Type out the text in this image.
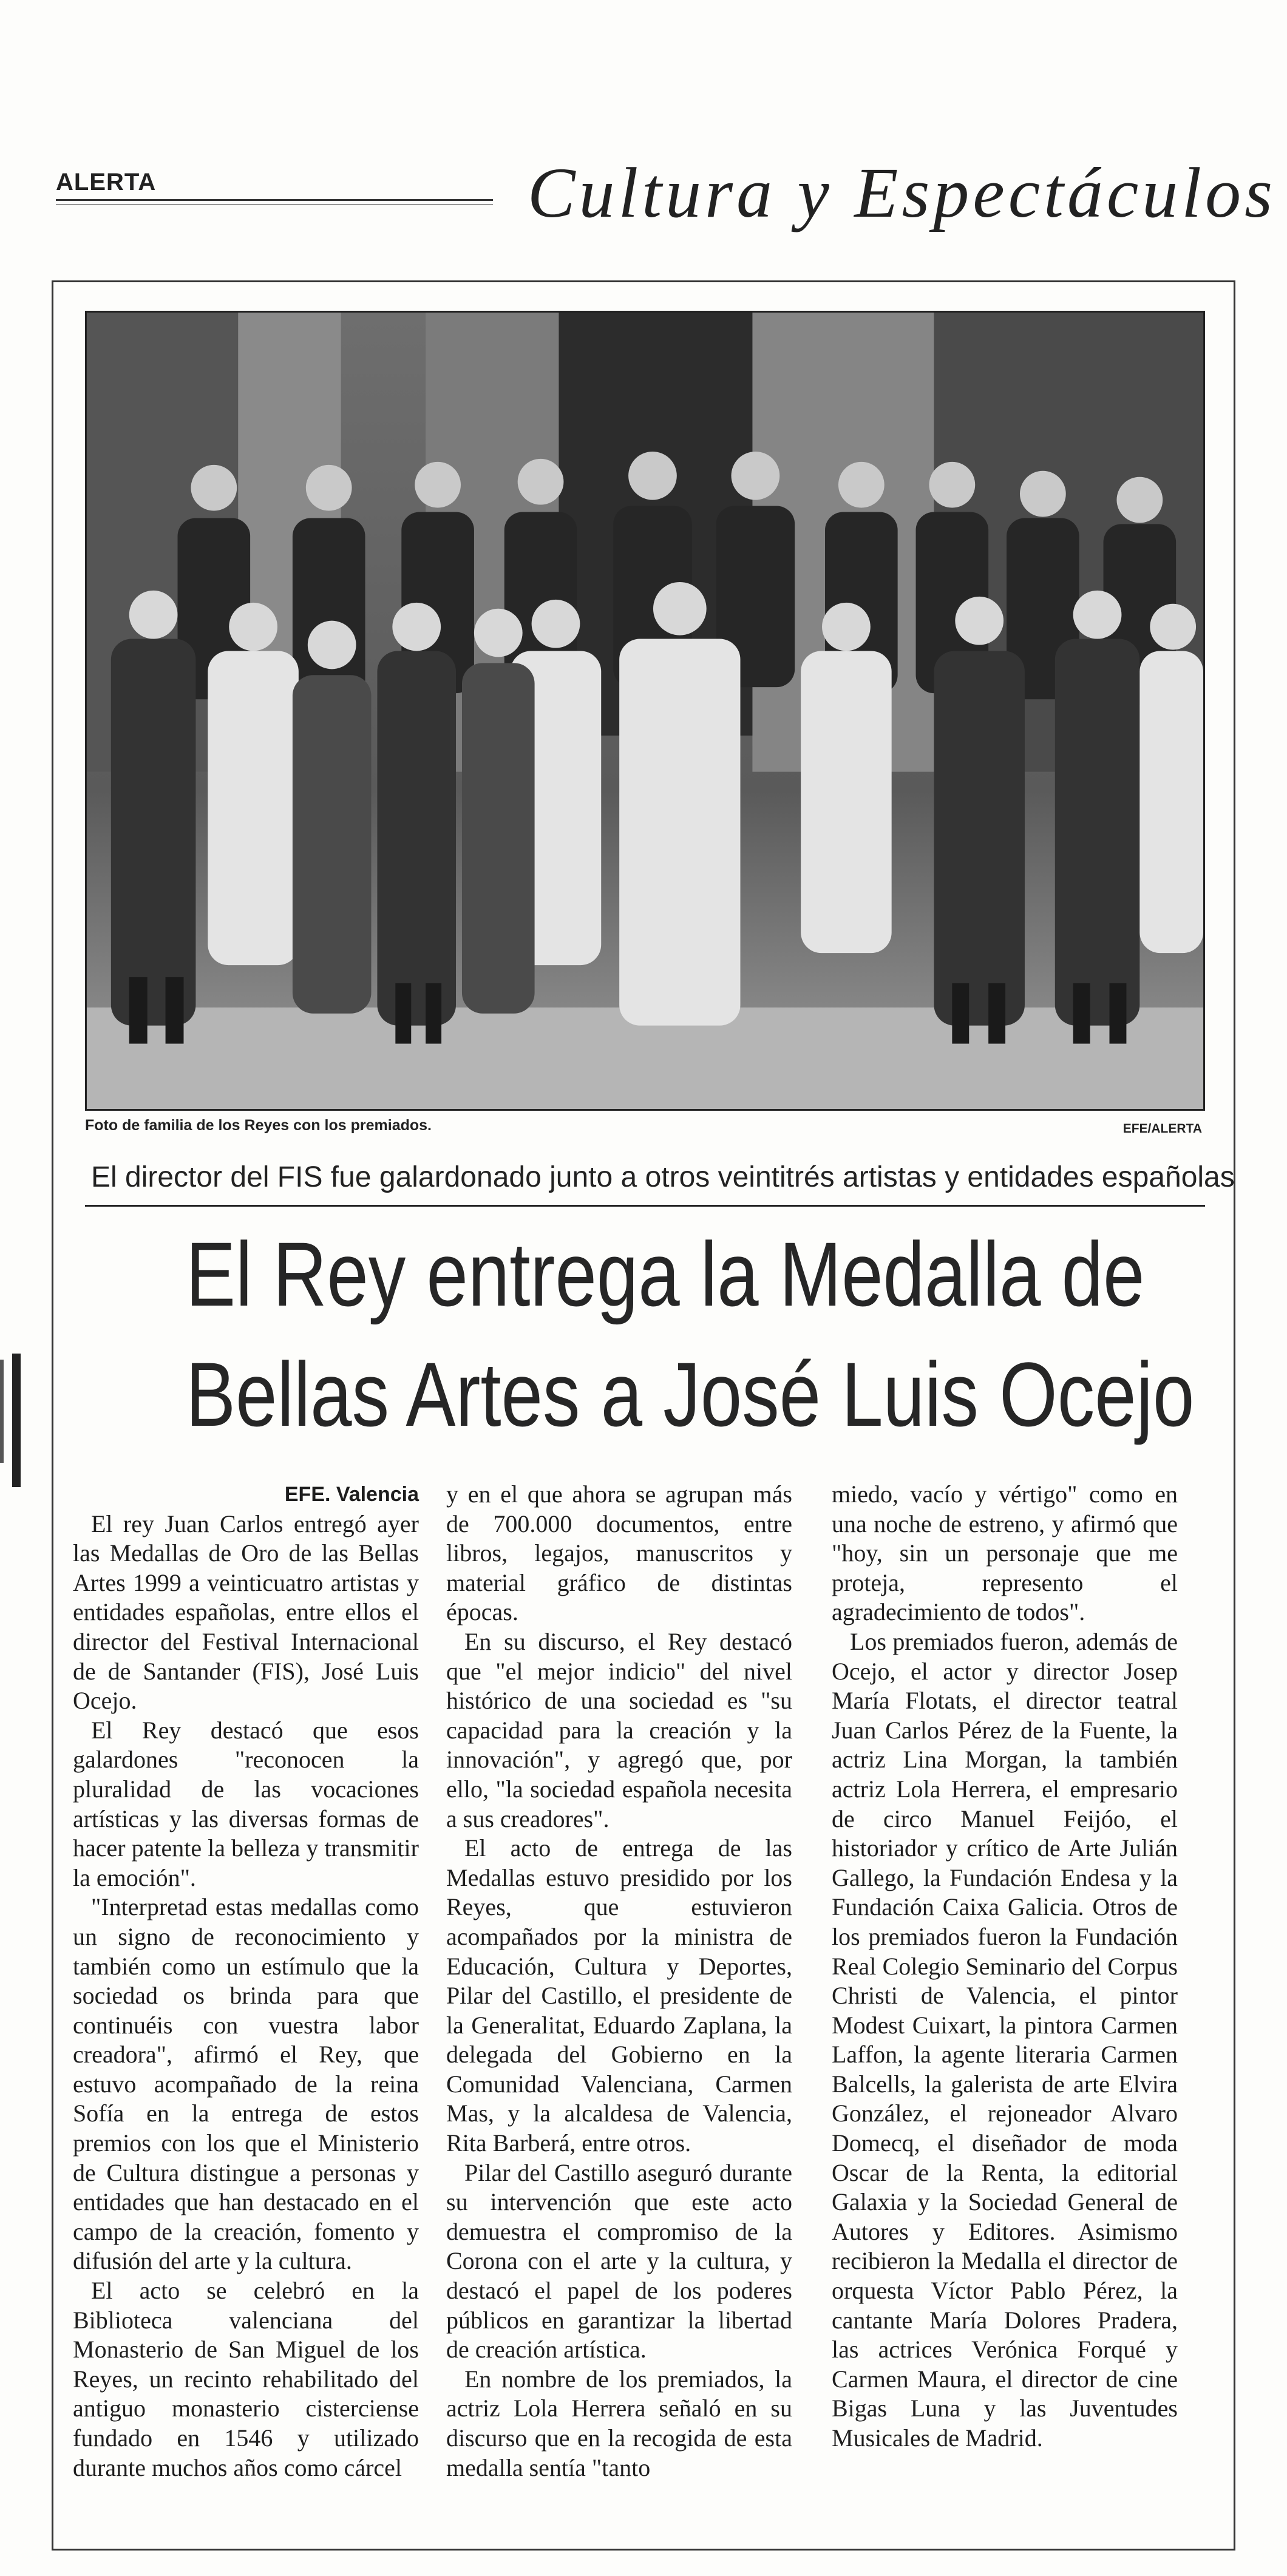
ALERTA	Cultura y Espectáculos
Foto de familia de los Reyes con los premiados.	EFE/ALERTA
El director del FIS fue galardonado junto a otros veintitrés artistas y entidades españolas
El Rey entrega la Medalla de
Bellas Artes a José Luis Ocejo
EFE. Valencia

El rey Juan Carlos entregó ayer las Medallas de Oro de las Bellas Artes 1999 a veinticuatro artistas y entidades españolas, entre ellos el director del Festival Internacional de de Santander (FIS), José Luis Ocejo.

El Rey destacó que esos galardones "reconocen la pluralidad de las vocaciones artísticas y las diversas formas de hacer patente la belleza y transmitir la emoción".

"Interpretad estas medallas como un signo de reconocimiento y también como un estímulo que la sociedad os brinda para que continuéis con vuestra labor creadora", afirmó el Rey, que estuvo acompañado de la reina Sofía en la entrega de estos premios con los que el Ministerio de Cultura distingue a personas y entidades que han destacado en el campo de la creación, fomento y difusión del arte y la cultura.

El acto se celebró en la Biblioteca valenciana del Monasterio de San Miguel de los Reyes, un recinto rehabilitado del antiguo monasterio cisterciense fundado en 1546 y utilizado durante muchos años como cárcel

y en el que ahora se agrupan más de 700.000 documentos, entre libros, legajos, manuscritos y material gráfico de distintas épocas.

En su discurso, el Rey destacó que "el mejor indicio" del nivel histórico de una sociedad es "su capacidad para la creación y la innovación", y agregó que, por ello, "la sociedad española necesita a sus creadores".

El acto de entrega de las Medallas estuvo presidido por los Reyes, que estuvieron acompañados por la ministra de Educación, Cultura y Deportes, Pilar del Castillo, el presidente de la Generalitat, Eduardo Zaplana, la delegada del Gobierno en la Comunidad Valenciana, Carmen Mas, y la alcaldesa de Valencia, Rita Barberá, entre otros.

Pilar del Castillo aseguró durante su intervención que este acto demuestra el compromiso de la Corona con el arte y la cultura, y destacó el papel de los poderes públicos en garantizar la libertad de creación artística.

En nombre de los premiados, la actriz Lola Herrera señaló en su discurso que en la recogida de esta medalla sentía "tanto

miedo, vacío y vértigo" como en una noche de estreno, y afirmó que "hoy, sin un personaje que me proteja, represento el agradecimiento de todos".

Los premiados fueron, además de Ocejo, el actor y director Josep María Flotats, el director teatral Juan Carlos Pérez de la Fuente, la actriz Lina Morgan, la también actriz Lola Herrera, el empresario de circo Manuel Feijóo, el historiador y crítico de Arte Julián Gallego, la Fundación Endesa y la Fundación Caixa Galicia. Otros de los premiados fueron la Fundación Real Colegio Seminario del Corpus Christi de Valencia, el pintor Modest Cuixart, la pintora Carmen Laffon, la agente literaria Carmen Balcells, la galerista de arte Elvira González, el rejoneador Alvaro Domecq, el diseñador de moda Oscar de la Renta, la editorial Galaxia y la Sociedad General de Autores y Editores. Asimismo recibieron la Medalla el director de orquesta Víctor Pablo Pérez, la cantante María Dolores Pradera, las actrices Verónica Forqué y Carmen Maura, el director de cine Bigas Luna y las Juventudes Musicales de Madrid.
